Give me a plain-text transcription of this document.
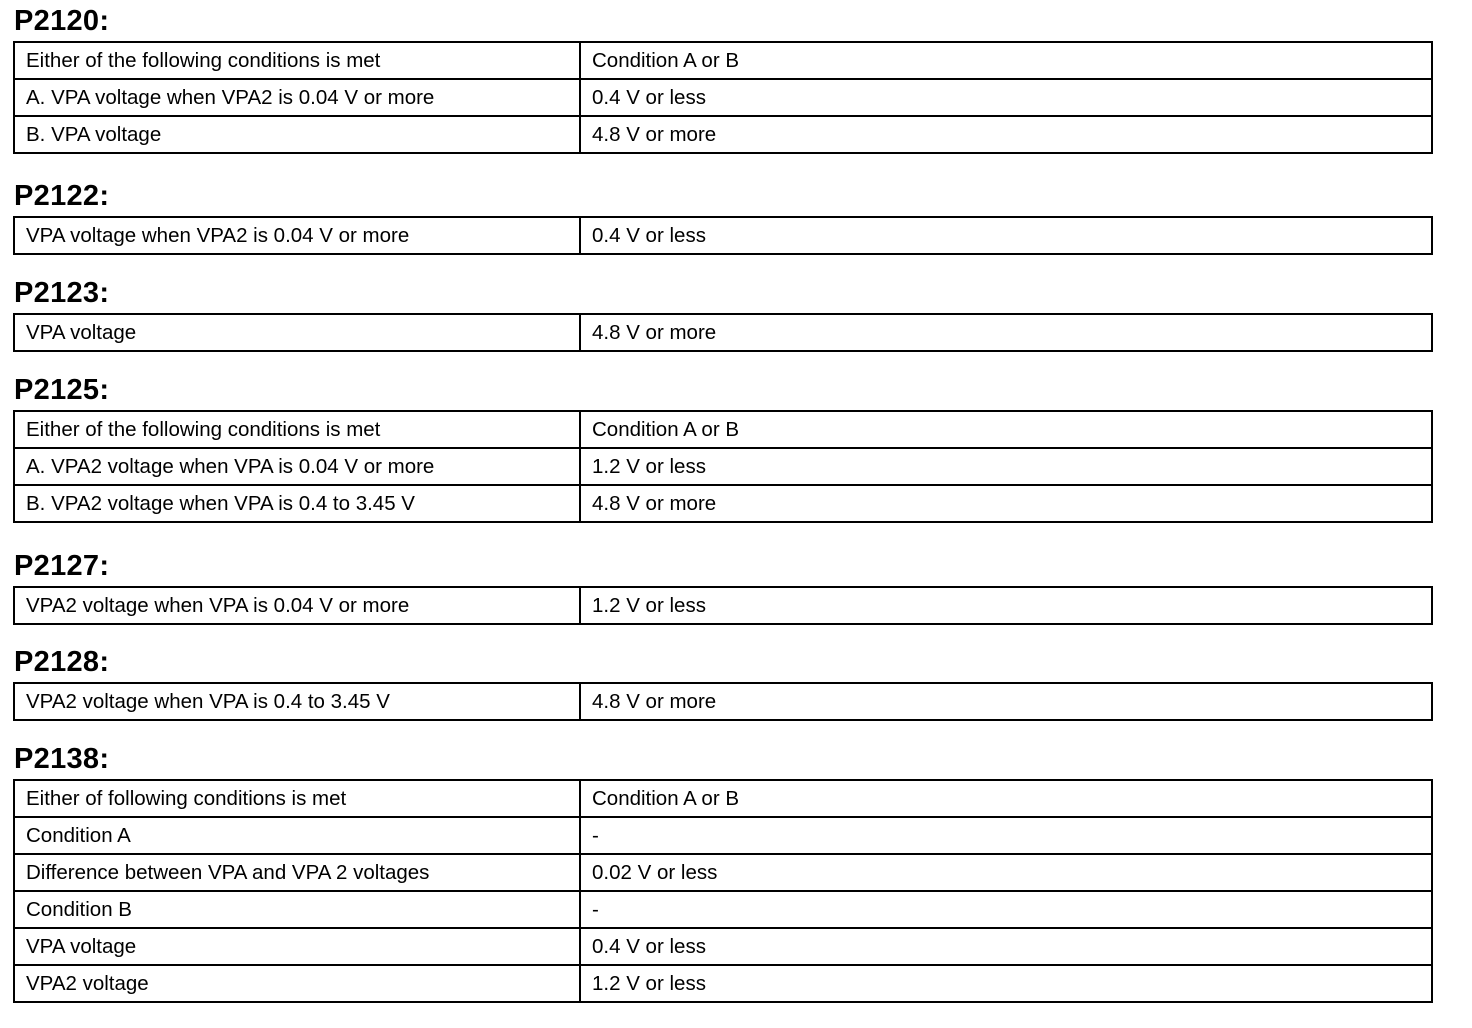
P2120:
Either of the following conditions is met	Condition A or B
A. VPA voltage when VPA2 is 0.04 V or more	0.4 V or less
B. VPA voltage	4.8 V or more
P2122:
VPA voltage when VPA2 is 0.04 V or more	0.4 V or less
P2123:
VPA voltage	4.8 V or more
P2125:
Either of the following conditions is met	Condition A or B
A. VPA2 voltage when VPA is 0.04 V or more	1.2 V or less
B. VPA2 voltage when VPA is 0.4 to 3.45 V	4.8 V or more
P2127:
VPA2 voltage when VPA is 0.04 V or more	1.2 V or less
P2128:
VPA2 voltage when VPA is 0.4 to 3.45 V	4.8 V or more
P2138:
Either of following conditions is met	Condition A or B
Condition A	-
Difference between VPA and VPA 2 voltages	0.02 V or less
Condition B	-
VPA voltage	0.4 V or less
VPA2 voltage	1.2 V or less
